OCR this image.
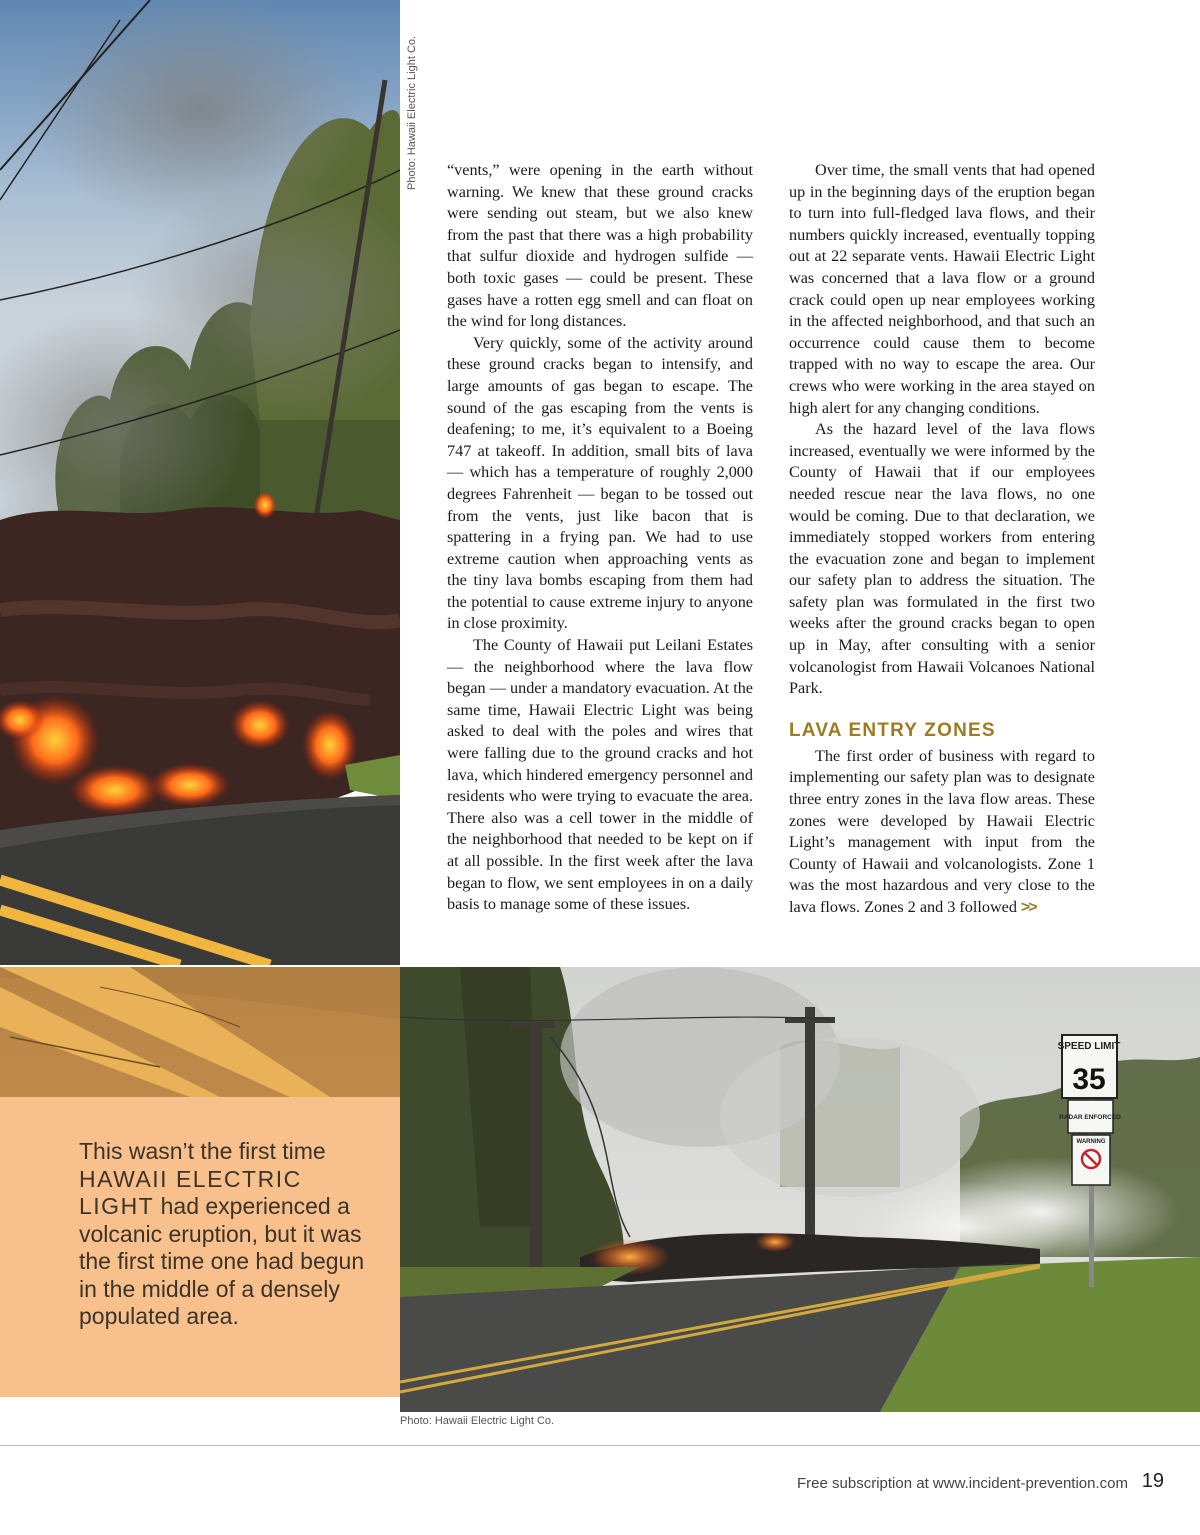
Photo: Hawaii Electric Light Co. “vents,” were opening in the earth without warning. We knew that these ground cracks were sending out steam, but we also knew from the past that there was a high probability that sulfur dioxide and hydrogen sulfide — both toxic gases — could be present. These gases have a rotten egg smell and can float on the wind for long distances.

Very quickly, some of the activity around these ground cracks began to intensify, and large amounts of gas began to escape. The sound of the gas escaping from the vents is deafening; to me, it’s equivalent to a Boeing 747 at takeoff. In addition, small bits of lava — which has a temperature of roughly 2,000 degrees Fahrenheit — began to be tossed out from the vents, just like bacon that is spattering in a frying pan. We had to use extreme caution when approaching vents as the tiny lava bombs escaping from them had the potential to cause extreme injury to anyone in close proximity.

The County of Hawaii put Leilani Estates — the neighborhood where the lava flow began — under a mandatory evacuation. At the same time, Hawaii Electric Light was being asked to deal with the poles and wires that were falling due to the ground cracks and hot lava, which hindered emergency personnel and residents who were trying to evacuate the area. There also was a cell tower in the middle of the neighborhood that needed to be kept on if at all possible. In the first week after the lava began to flow, we sent employees in on a daily basis to manage some of these issues.

Over time, the small vents that had opened up in the beginning days of the eruption began to turn into full-fledged lava flows, and their numbers quickly increased, eventually topping out at 22 separate vents. Hawaii Electric Light was concerned that a lava flow or a ground crack could open up near employees working in the affected neighborhood, and that such an occurrence could cause them to become trapped with no way to escape the area. Our crews who were working in the area stayed on high alert for any changing conditions.

As the hazard level of the lava flows increased, eventually we were informed by the County of Hawaii that if our employees needed rescue near the lava flows, no one would be coming. Due to that declaration, we immediately stopped workers from entering the evacuation zone and began to implement our safety plan to address the situation. The safety plan was formulated in the first two weeks after the ground cracks began to open up in May, after consulting with a senior volcanologist from Hawaii Volcanoes National Park.

LAVA ENTRY ZONES

The first order of business with regard to implementing our safety plan was to designate three entry zones in the lava flow areas. These zones were developed by Hawaii Electric Light’s management with input from the County of Hawaii and volcanologists. Zone 1 was the most hazardous and very close to the lava flows. Zones 2 and 3 followed >>

SPEED LIMIT
35
RADAR ENFORCED
WARNING
This wasn’t the first time HAWAII ELECTRIC LIGHT had experienced a volcanic eruption, but it was the first time one had begun in the middle of a densely populated area.
Photo: Hawaii Electric Light Co.
Free subscription at www.incident-prevention.com 19
